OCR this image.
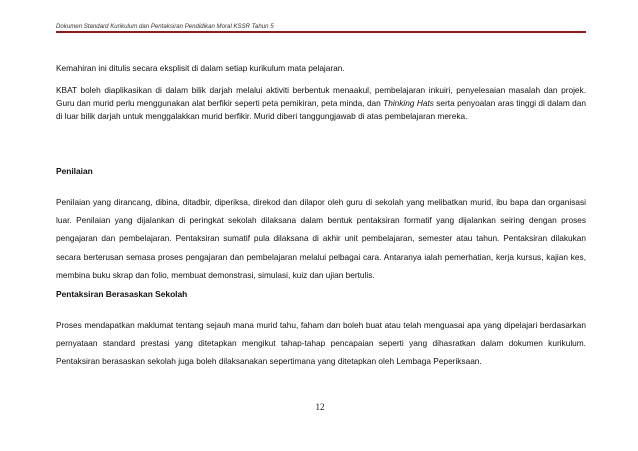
Dokumen Standard Kurikulum dan Pentaksiran Pendidikan Moral KSSR Tahun 5

Kemahiran ini ditulis secara eksplisit di dalam setiap kurikulum mata pelajaran.

KBAT boleh diaplikasikan di dalam bilik darjah melalui aktiviti berbentuk menaakul, pembelajaran inkuiri, penyelesaian masalah dan projek. Guru dan murid perlu menggunakan alat berfikir seperti peta pemikiran, peta minda, dan Thinking Hats serta penyoalan aras tinggi di dalam dan di luar bilik darjah untuk menggalakkan murid berfikir. Murid diberi tanggungjawab di atas pembelajaran mereka.

Penilaian

Penilaian yang dirancang, dibina, ditadbir, diperiksa, direkod dan dilapor oleh guru di sekolah yang melibatkan murid, ibu bapa dan organisasi luar. Penilaian yang dijalankan di peringkat sekolah dilaksana dalam bentuk pentaksiran formatif yang dijalankan seiring dengan proses pengajaran dan pembelajaran. Pentaksiran sumatif pula dilaksana di akhir unit pembelajaran, semester atau tahun. Pentaksiran dilakukan secara berterusan semasa proses pengajaran dan pembelajaran melalui pelbagai cara. Antaranya ialah pemerhatian, kerja kursus, kajian kes, membina buku skrap dan folio, membuat demonstrasi, simulasi, kuiz dan ujian bertulis.

Pentaksiran Berasaskan Sekolah

Proses mendapatkan maklumat tentang sejauh mana murid tahu, faham dan boleh buat atau telah menguasai apa yang dipelajari berdasarkan pernyataan standard prestasi yang ditetapkan mengikut tahap-tahap pencapaian seperti yang dihasratkan dalam dokumen kurikulum. Pentaksiran berasaskan sekolah juga boleh dilaksanakan sepertimana yang ditetapkan oleh Lembaga Peperiksaan.

12
